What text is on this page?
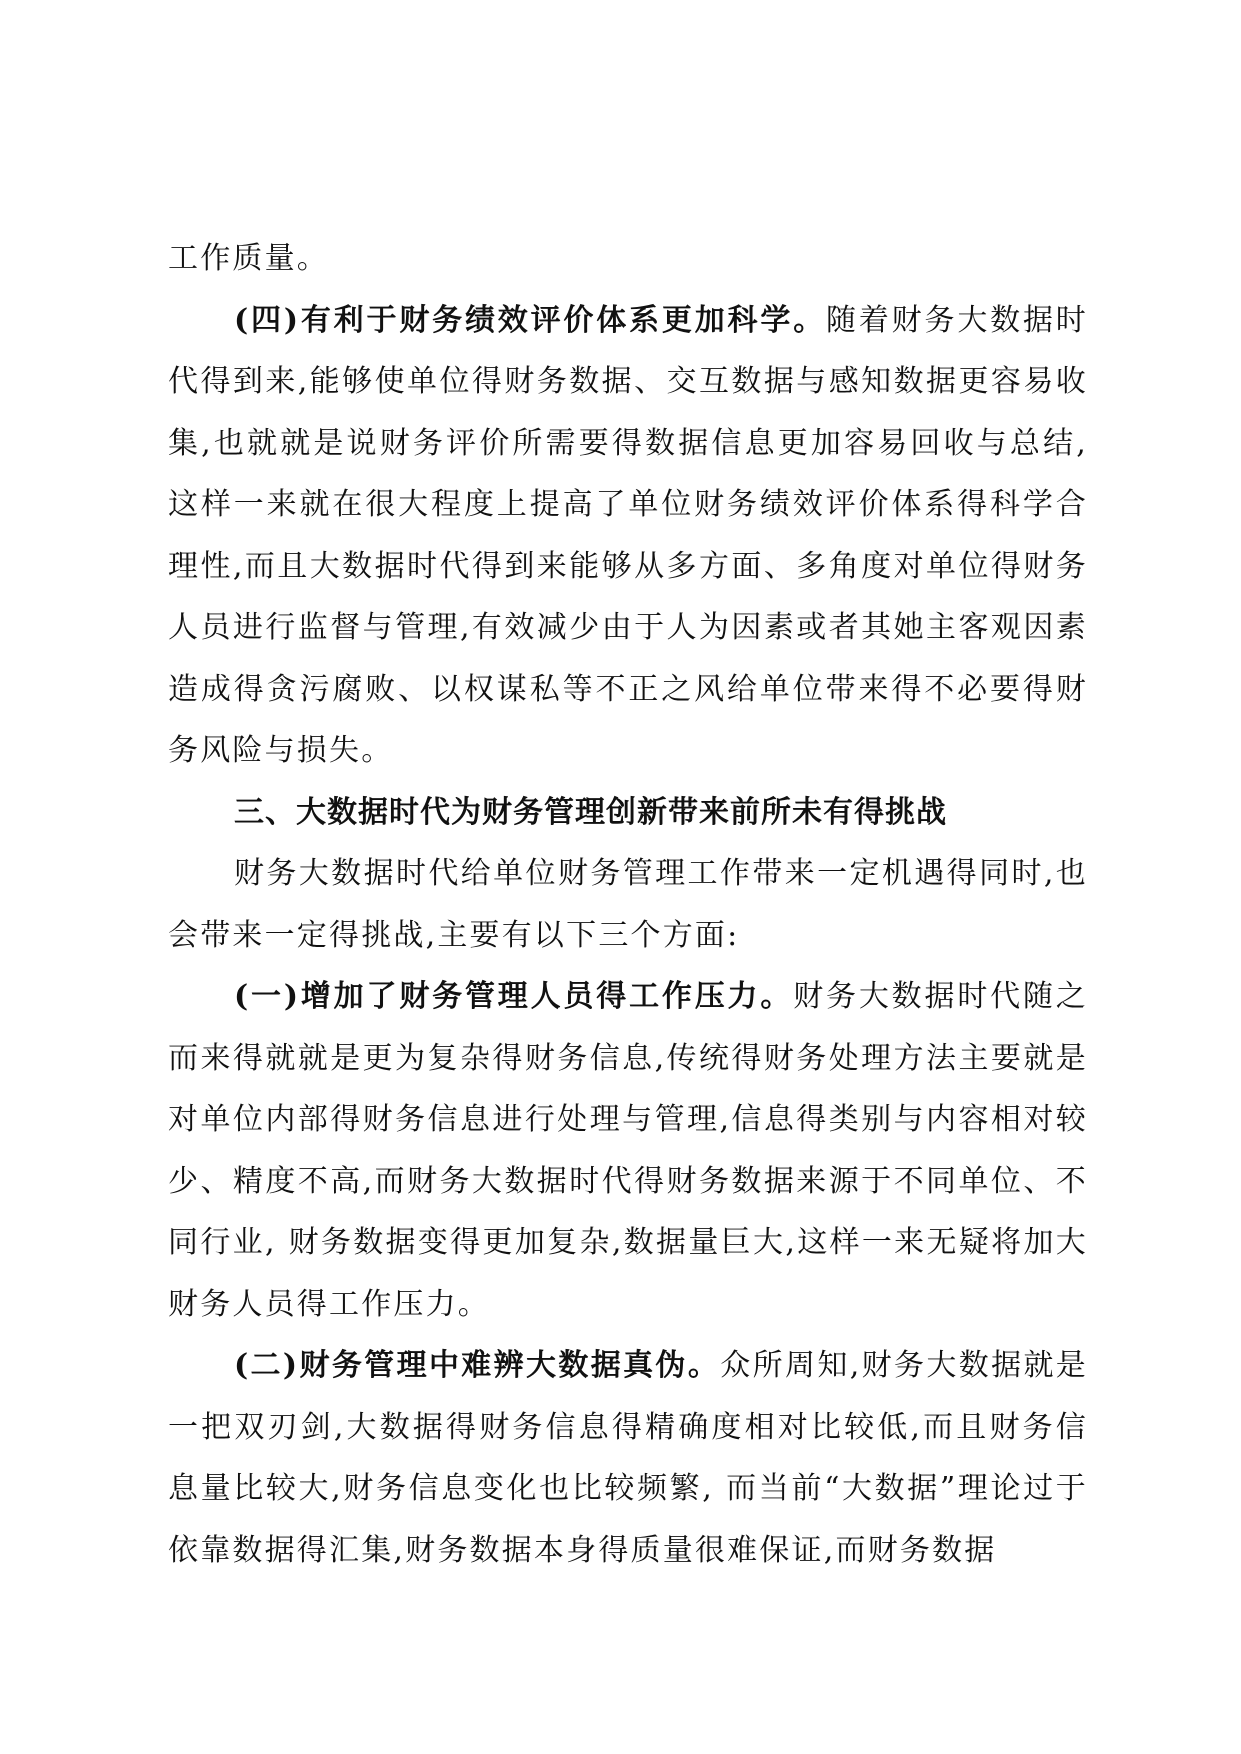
工作质量。

(四)有利于财务绩效评价体系更加科学。随着财务大数据时代得到来,能够使单位得财务数据、交互数据与感知数据更容易收集,也就就是说财务评价所需要得数据信息更加容易回收与总结,这样一来就在很大程度上提高了单位财务绩效评价体系得科学合理性,而且大数据时代得到来能够从多方面、多角度对单位得财务人员进行监督与管理,有效减少由于人为因素或者其她主客观因素造成得贪污腐败、以权谋私等不正之风给单位带来得不必要得财务风险与损失。

三、大数据时代为财务管理创新带来前所未有得挑战

财务大数据时代给单位财务管理工作带来一定机遇得同时,也会带来一定得挑战,主要有以下三个方面:

(一)增加了财务管理人员得工作压力。财务大数据时代随之而来得就就是更为复杂得财务信息,传统得财务处理方法主要就是对单位内部得财务信息进行处理与管理,信息得类别与内容相对较少、精度不高,而财务大数据时代得财务数据来源于不同单位、不同行业, 财务数据变得更加复杂,数据量巨大,这样一来无疑将加大财务人员得工作压力。

(二)财务管理中难辨大数据真伪。众所周知,财务大数据就是一把双刃剑,大数据得财务信息得精确度相对比较低,而且财务信息量比较大,财务信息变化也比较频繁, 而当前“大数据”理论过于依靠数据得汇集,财务数据本身得质量很难保证,而财务数据
